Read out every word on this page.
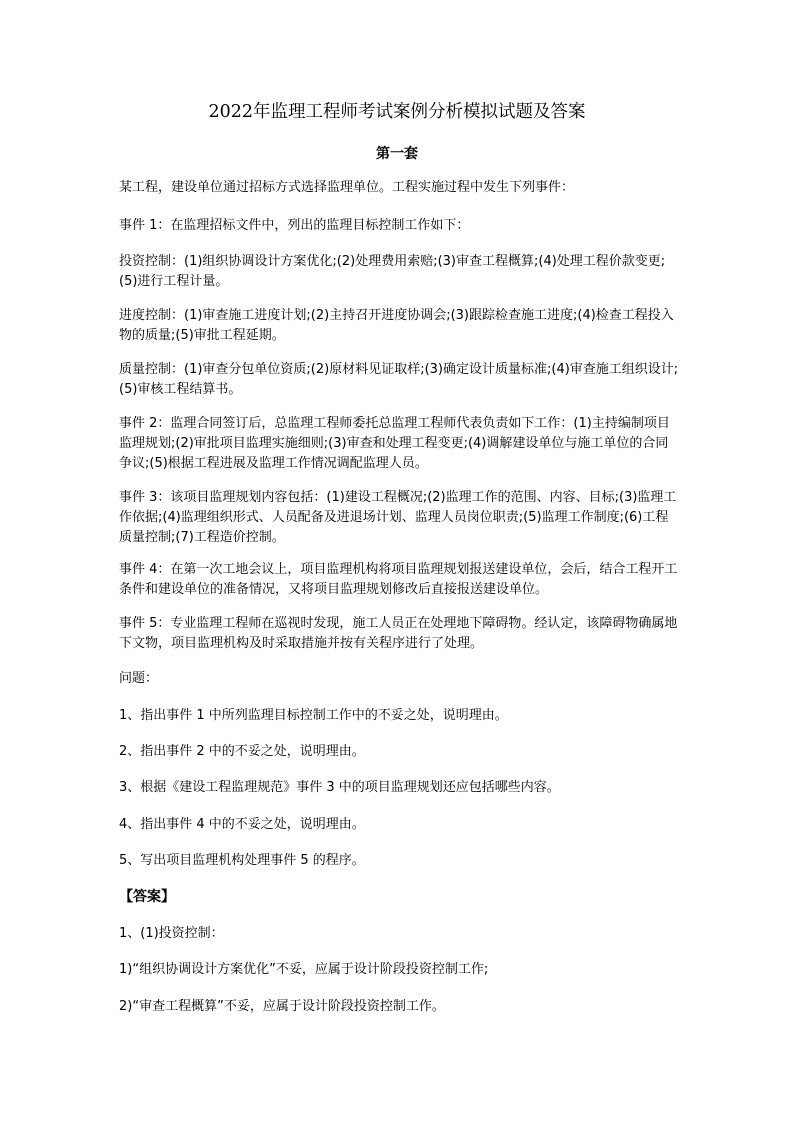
2022年监理工程师考试案例分析模拟试题及答案
第一套

某工程，建设单位通过招标方式选择监理单位。工程实施过程中发生下列事件：

事件 1：在监理招标文件中，列出的监理目标控制工作如下：

投资控制：(1)组织协调设计方案优化;(2)处理费用索赔;(3)审查工程概算;(4)处理工程价款变更;(5)进行工程计量。

进度控制：(1)审查施工进度计划;(2)主持召开进度协调会;(3)跟踪检查施工进度;(4)检查工程投入物的质量;(5)审批工程延期。

质量控制：(1)审查分包单位资质;(2)原材料见证取样;(3)确定设计质量标准;(4)审查施工组织设计;(5)审核工程结算书。

事件 2：监理合同签订后，总监理工程师委托总监理工程师代表负责如下工作：(1)主持编制项目监理规划;(2)审批项目监理实施细则;(3)审查和处理工程变更;(4)调解建设单位与施工单位的合同争议;(5)根据工程进展及监理工作情况调配监理人员。

事件 3：该项目监理规划内容包括：(1)建设工程概况;(2)监理工作的范围、内容、目标;(3)监理工作依据;(4)监理组织形式、人员配备及进退场计划、监理人员岗位职责;(5)监理工作制度;(6)工程质量控制;(7)工程造价控制。

事件 4：在第一次工地会议上，项目监理机构将项目监理规划报送建设单位，会后，结合工程开工条件和建设单位的准备情况，又将项目监理规划修改后直接报送建设单位。

事件 5：专业监理工程师在巡视时发现，施工人员正在处理地下障碍物。经认定，该障碍物确属地下文物，项目监理机构及时采取措施并按有关程序进行了处理。

问题：

1、指出事件 1 中所列监理目标控制工作中的不妥之处，说明理由。

2、指出事件 2 中的不妥之处，说明理由。

3、根据《建设工程监理规范》事件 3 中的项目监理规划还应包括哪些内容。

4、指出事件 4 中的不妥之处，说明理由。

5、写出项目监理机构处理事件 5 的程序。

【答案】

1、(1)投资控制：

1)“组织协调设计方案优化”不妥，应属于设计阶段投资控制工作;

2)“审查工程概算”不妥，应属于设计阶段投资控制工作。
